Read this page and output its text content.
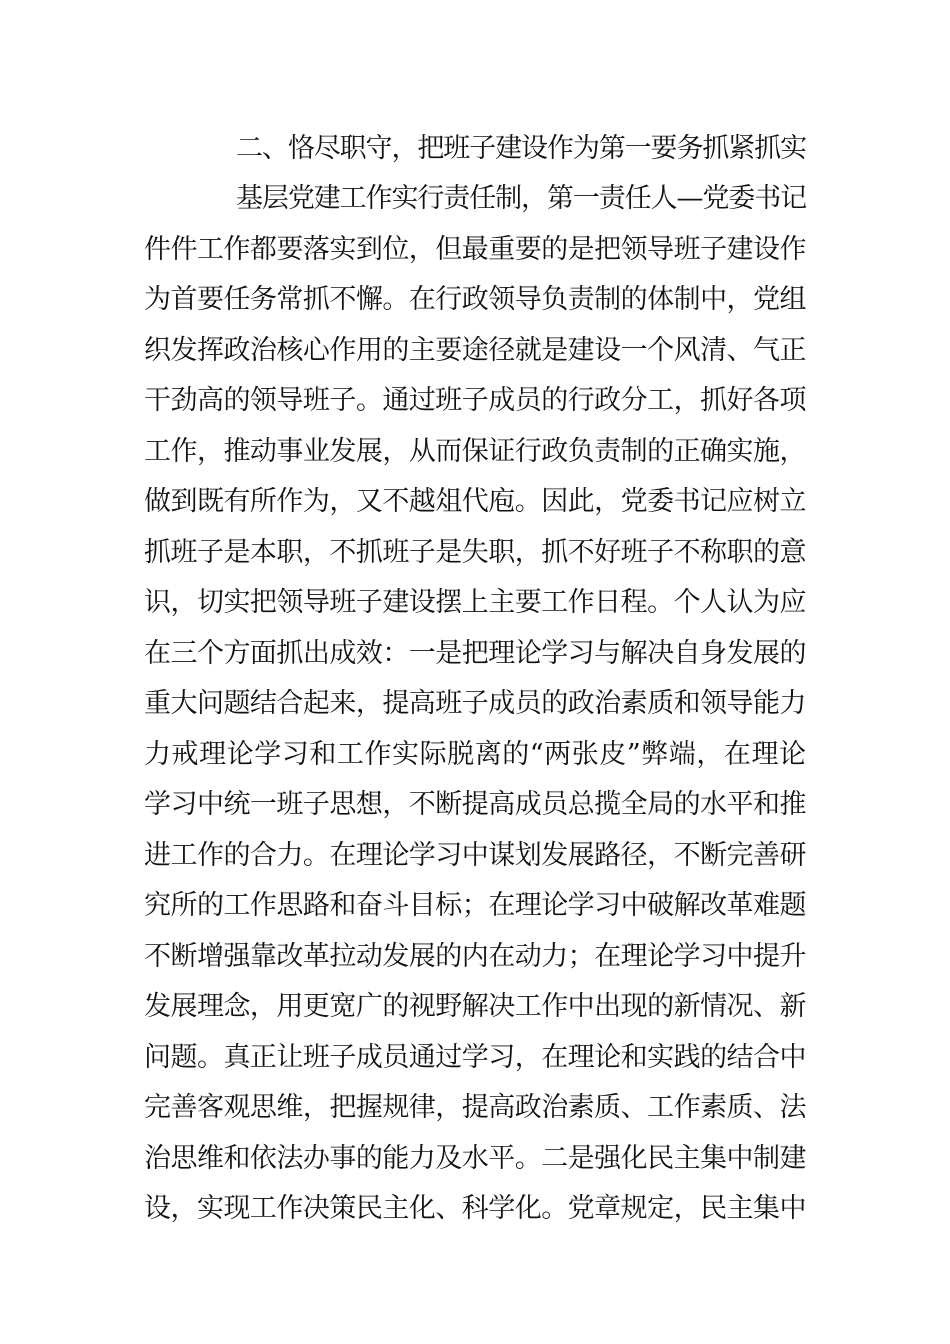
二、恪尽职守，把班子建设作为第一要务抓紧抓实
基层党建工作实行责任制，第一责任人—党委书记
件件工作都要落实到位，但最重要的是把领导班子建设作
为首要任务常抓不懈。在行政领导负责制的体制中，党组
织发挥政治核心作用的主要途径就是建设一个风清、气正
干劲高的领导班子。通过班子成员的行政分工，抓好各项
工作，推动事业发展，从而保证行政负责制的正确实施，
做到既有所作为，又不越俎代庖。因此，党委书记应树立
抓班子是本职，不抓班子是失职，抓不好班子不称职的意
识，切实把领导班子建设摆上主要工作日程。个人认为应
在三个方面抓出成效：一是把理论学习与解决自身发展的
重大问题结合起来，提高班子成员的政治素质和领导能力
力戒理论学习和工作实际脱离的“两张皮”弊端，在理论
学习中统一班子思想，不断提高成员总揽全局的水平和推
进工作的合力。在理论学习中谋划发展路径，不断完善研
究所的工作思路和奋斗目标；在理论学习中破解改革难题
不断增强靠改革拉动发展的内在动力；在理论学习中提升
发展理念，用更宽广的视野解决工作中出现的新情况、新
问题。真正让班子成员通过学习，在理论和实践的结合中
完善客观思维，把握规律，提高政治素质、工作素质、法
治思维和依法办事的能力及水平。二是强化民主集中制建
设，实现工作决策民主化、科学化。党章规定，民主集中
